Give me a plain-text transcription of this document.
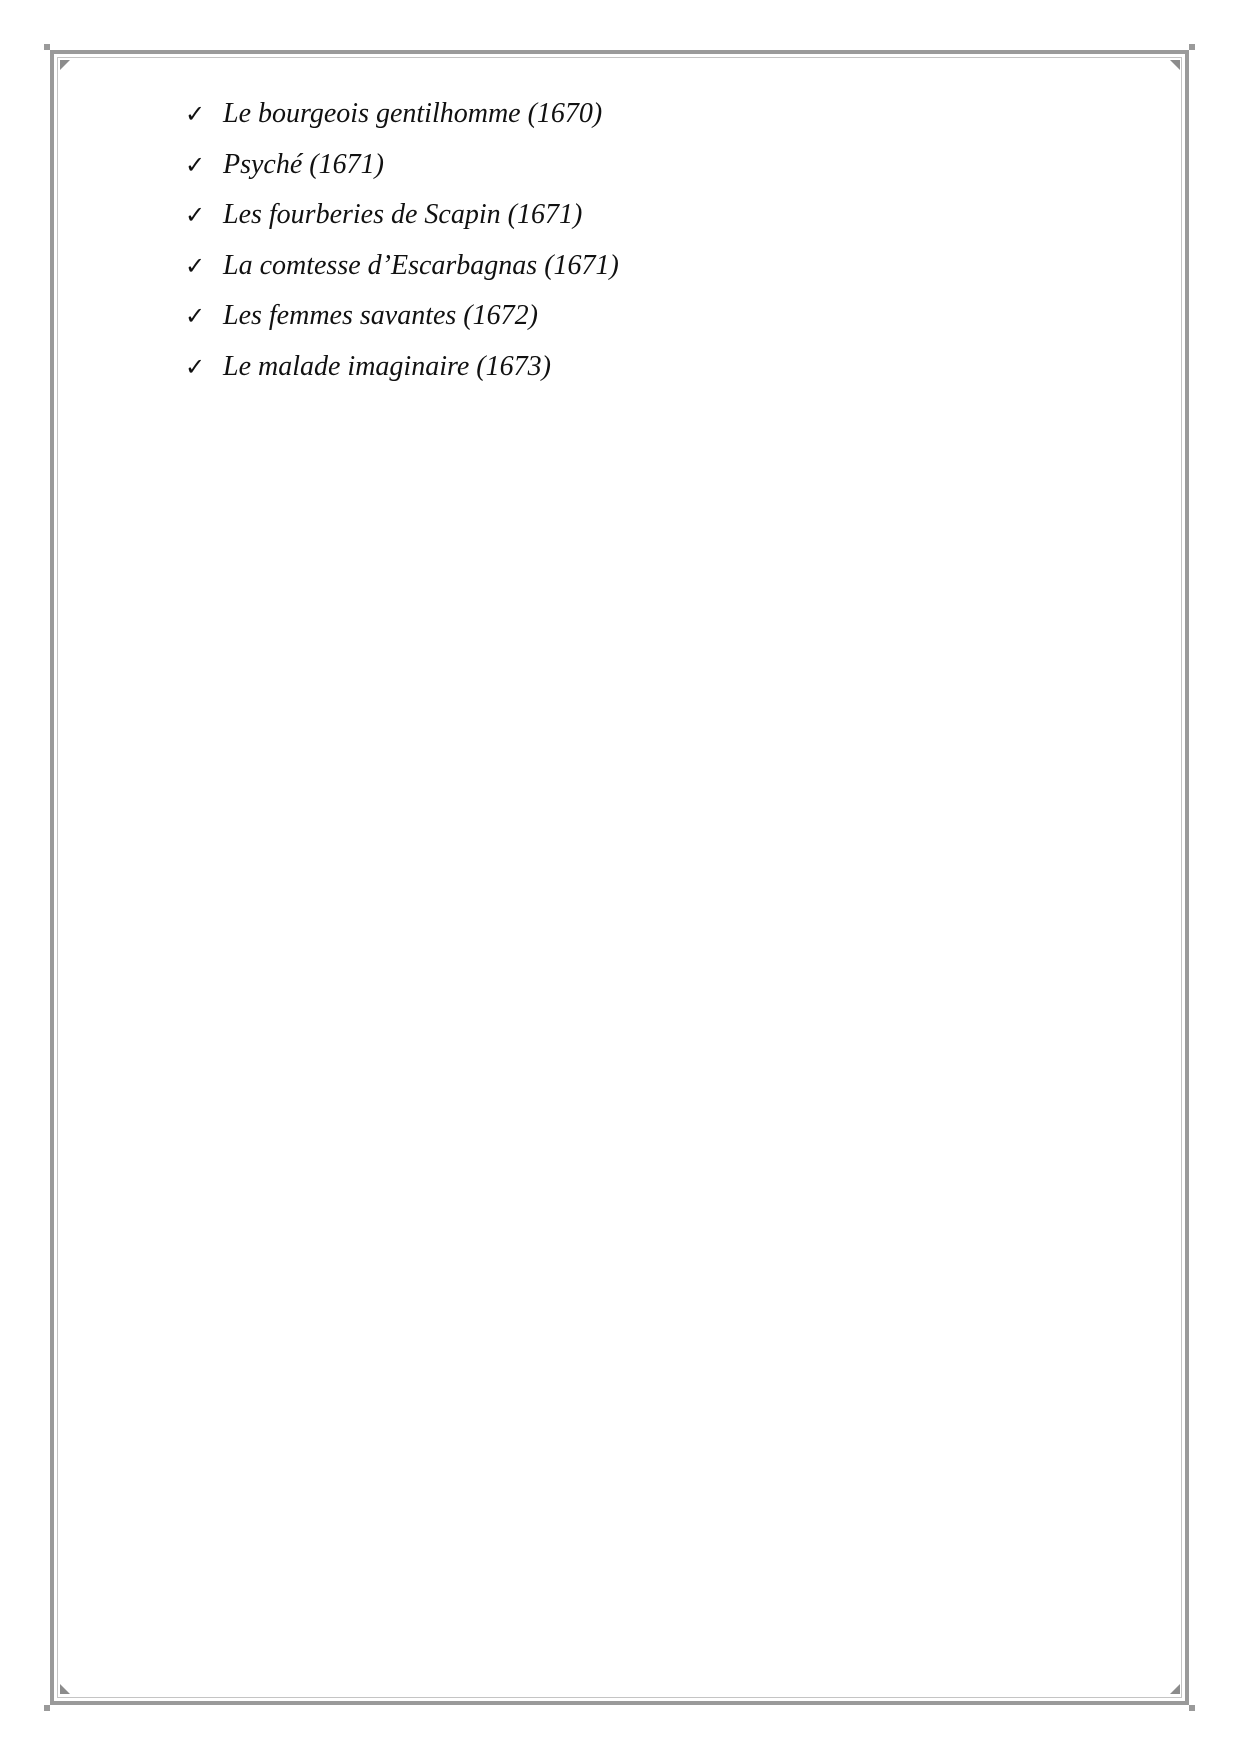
✓ Le bourgeois gentilhomme (1670)
✓ Psyché (1671)
✓ Les fourberies de Scapin (1671)
✓ La comtesse d’Escarbagnas (1671)
✓ Les femmes savantes (1672)
✓ Le malade imaginaire (1673)
